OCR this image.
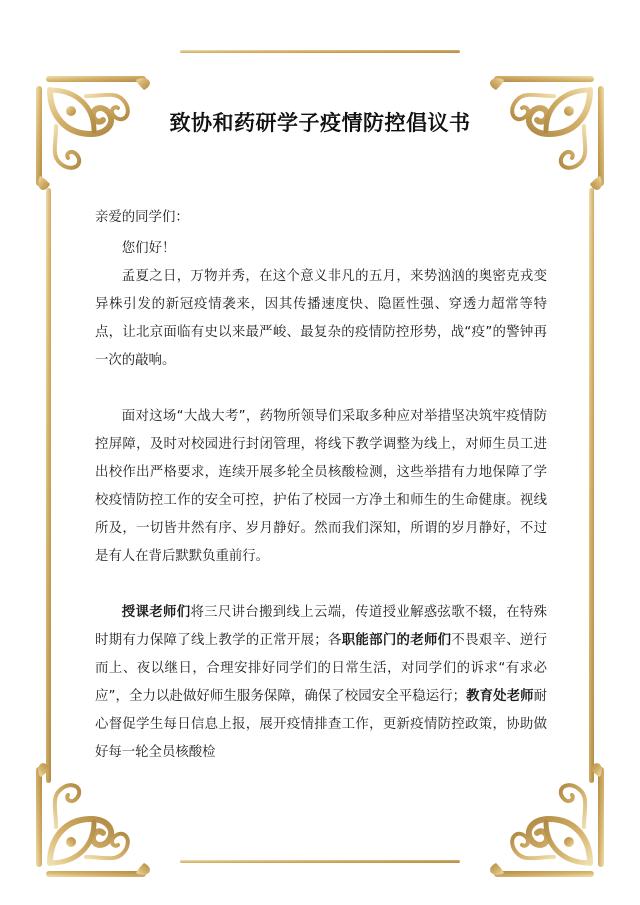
致协和药研学子疫情防控倡议书

亲爱的同学们：

您们好！

孟夏之日，万物并秀，在这个意义非凡的五月，来势汹汹的奥密克戎变异株引发的新冠疫情袭来，因其传播速度快、隐匿性强、穿透力超常等特点，让北京面临有史以来最严峻、最复杂的疫情防控形势，战“疫”的警钟再一次的敲响。

面对这场“大战大考”，药物所领导们采取多种应对举措坚决筑牢疫情防控屏障，及时对校园进行封闭管理，将线下教学调整为线上，对师生员工进出校作出严格要求，连续开展多轮全员核酸检测，这些举措有力地保障了学校疫情防控工作的安全可控，护佑了校园一方净土和师生的生命健康。视线所及，一切皆井然有序、岁月静好。然而我们深知，所谓的岁月静好，不过是有人在背后默默负重前行。

授课老师们将三尺讲台搬到线上云端，传道授业解惑弦歌不辍，在特殊时期有力保障了线上教学的正常开展；各职能部门的老师们不畏艰辛、逆行而上、夜以继日，合理安排好同学们的日常生活，对同学们的诉求“有求必应”，全力以赴做好师生服务保障，确保了校园安全平稳运行；教育处老师耐心督促学生每日信息上报，展开疫情排查工作，更新疫情防控政策，协助做好每一轮全员核酸检
